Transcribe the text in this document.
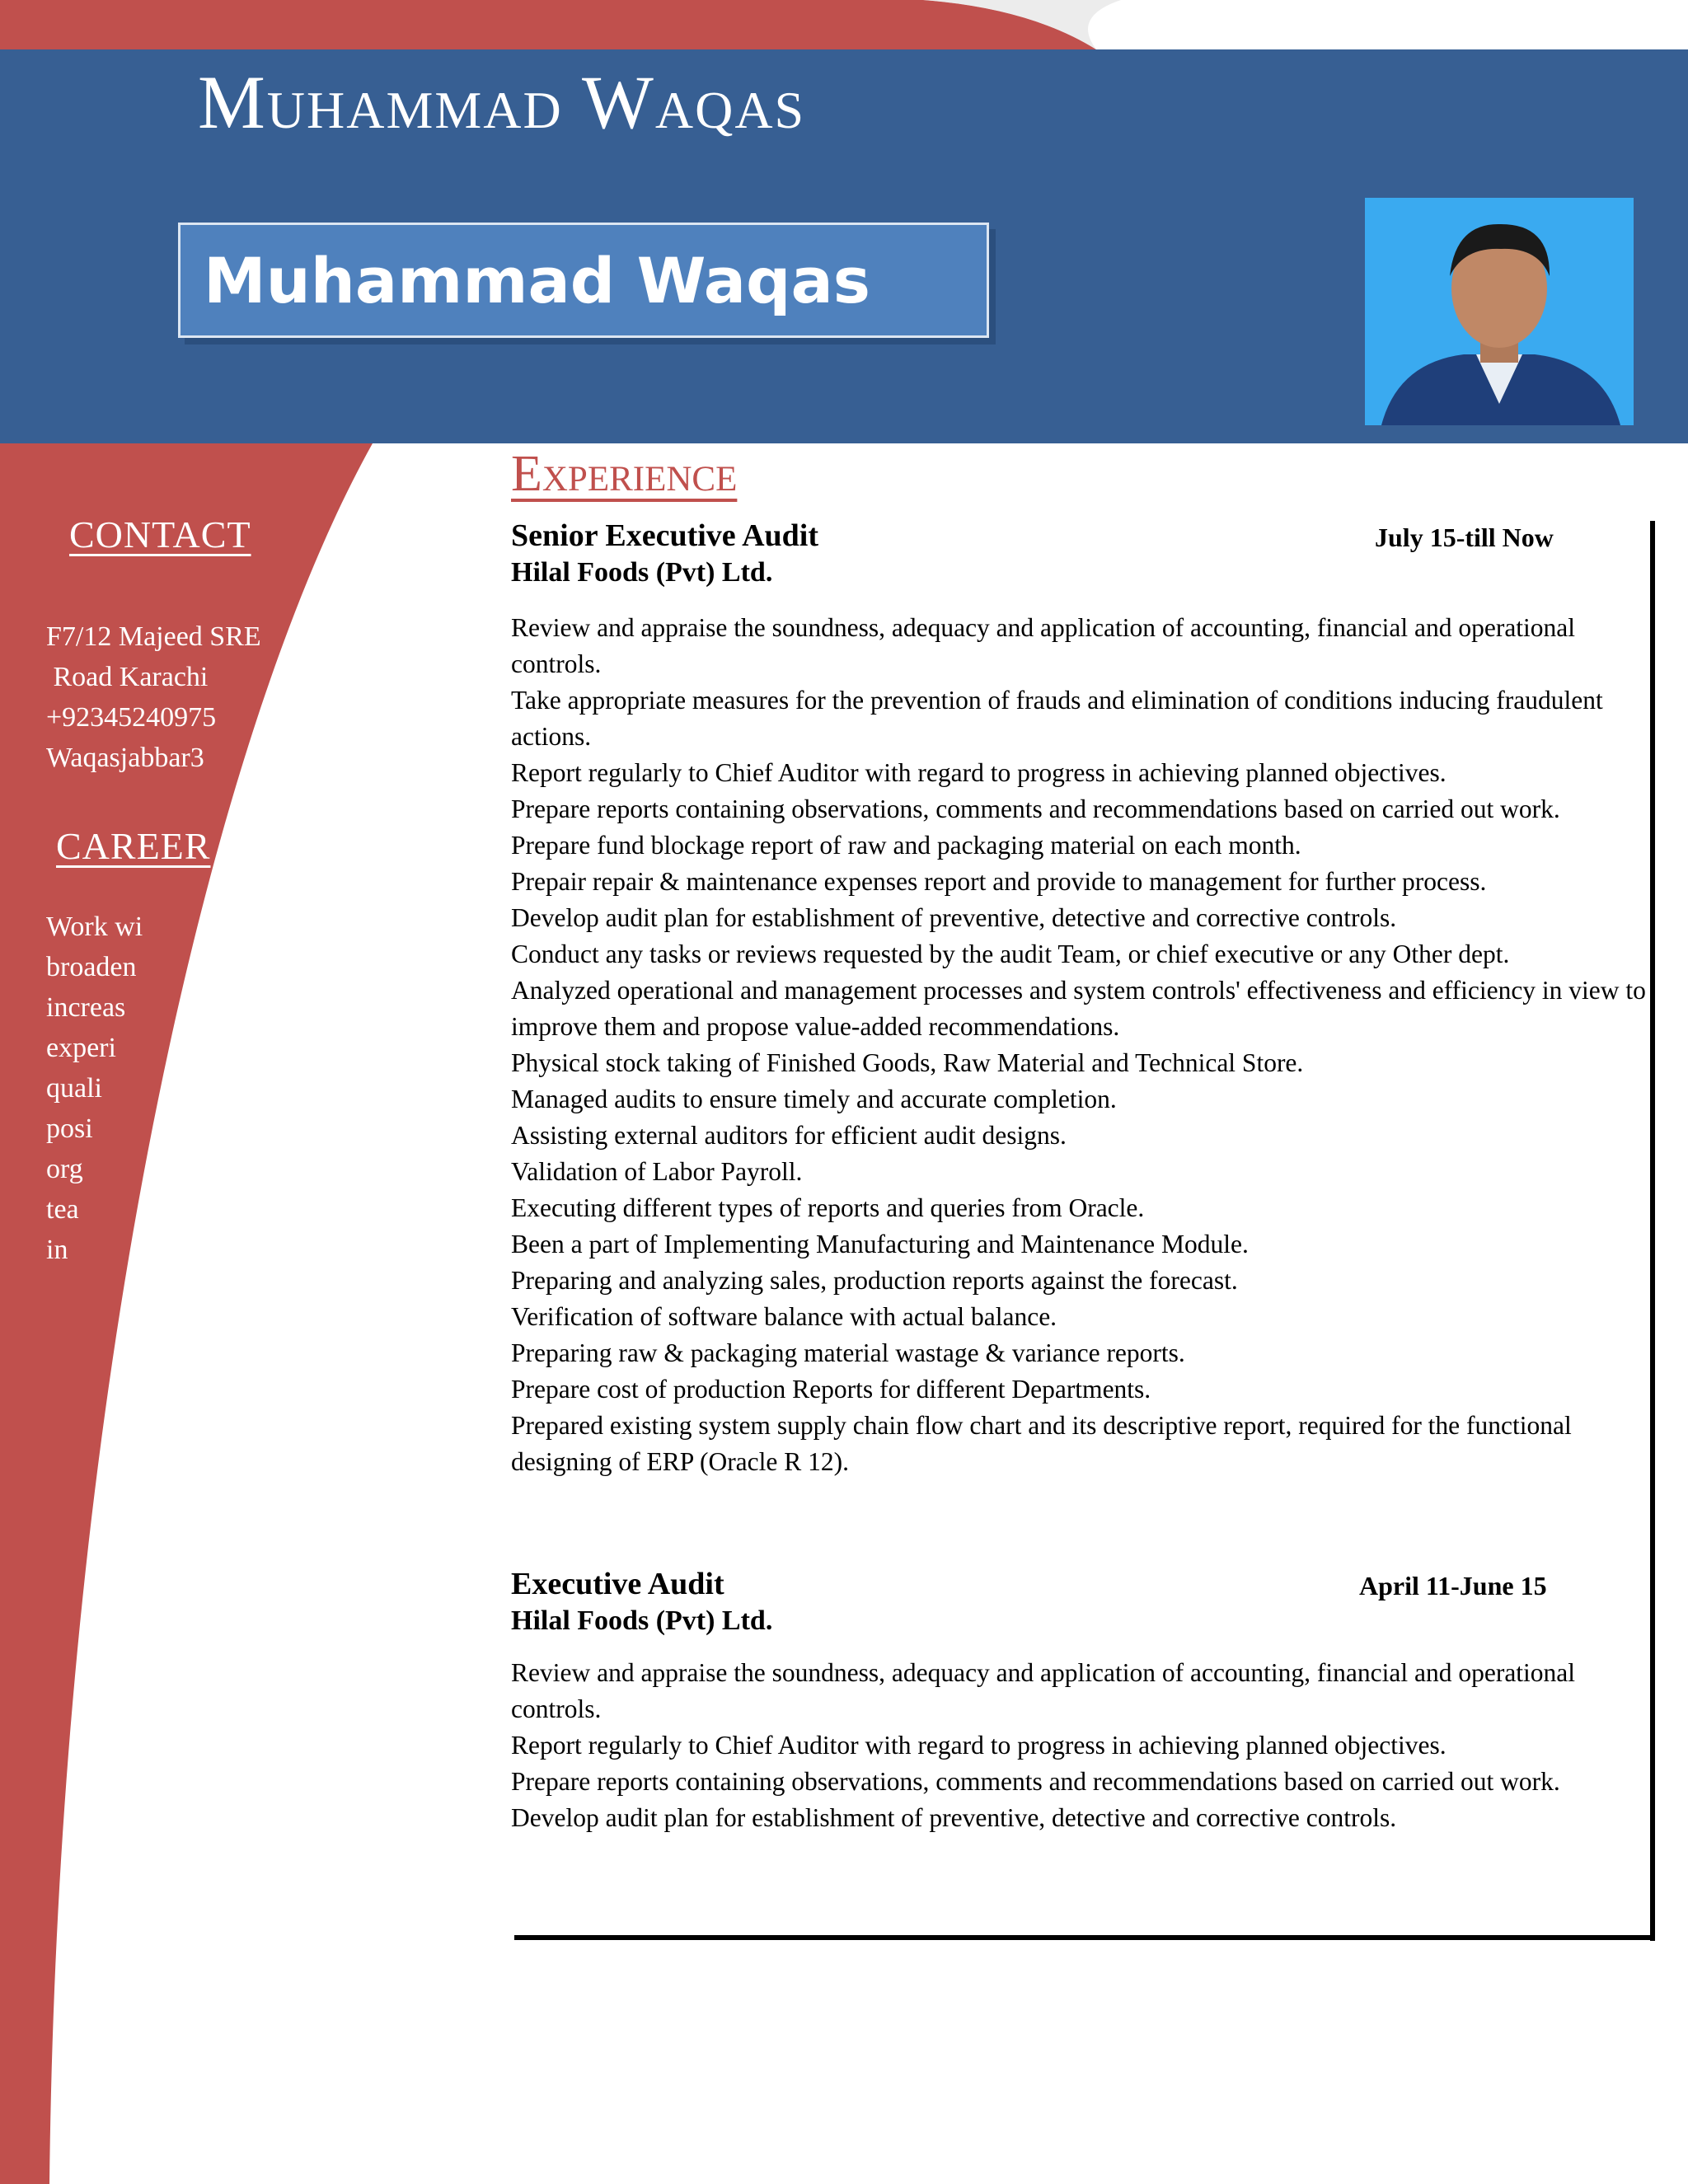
Muhammad Waqas
Muhammad Waqas
CONTACT
F7/12 Majeed SRE
Road Karachi
+92345240975
Waqasjabbar3
CAREER
Work wi
broaden
increas
experi
quali
posi
org
tea
in
Experience
Senior Executive Audit	July 15-till Now
Hilal Foods (Pvt) Ltd.
Review and appraise the soundness, adequacy and application of accounting, financial and operational controls.
Take appropriate measures for the prevention of frauds and elimination of conditions inducing fraudulent actions.
Report regularly to Chief Auditor with regard to progress in achieving planned objectives.
Prepare reports containing observations, comments and recommendations based on carried out work.
Prepare fund blockage report of raw and packaging material on each month.
Prepair repair & maintenance expenses report and provide to management for further process.
Develop audit plan for establishment of preventive, detective and corrective controls.
Conduct any tasks or reviews requested by the audit Team, or chief executive or any Other dept.
Analyzed operational and management processes and system controls' effectiveness and efficiency in view to improve them and propose value-added recommendations.
Physical stock taking of Finished Goods, Raw Material and Technical Store.
Managed audits to ensure timely and accurate completion.
Assisting external auditors for efficient audit designs.
Validation of Labor Payroll.
Executing different types of reports and queries from Oracle.
Been a part of Implementing Manufacturing and Maintenance Module.
Preparing and analyzing sales, production reports against the forecast.
Verification of software balance with actual balance.
Preparing raw & packaging material wastage & variance reports.
Prepare cost of production Reports for different Departments.
Prepared existing system supply chain flow chart and its descriptive report, required for the functional designing of ERP (Oracle R 12).
Executive Audit	April 11-June 15
Hilal Foods (Pvt) Ltd.
Review and appraise the soundness, adequacy and application of accounting, financial and operational controls.
Report regularly to Chief Auditor with regard to progress in achieving planned objectives.
Prepare reports containing observations, comments and recommendations based on carried out work.
Develop audit plan for establishment of preventive, detective and corrective controls.
